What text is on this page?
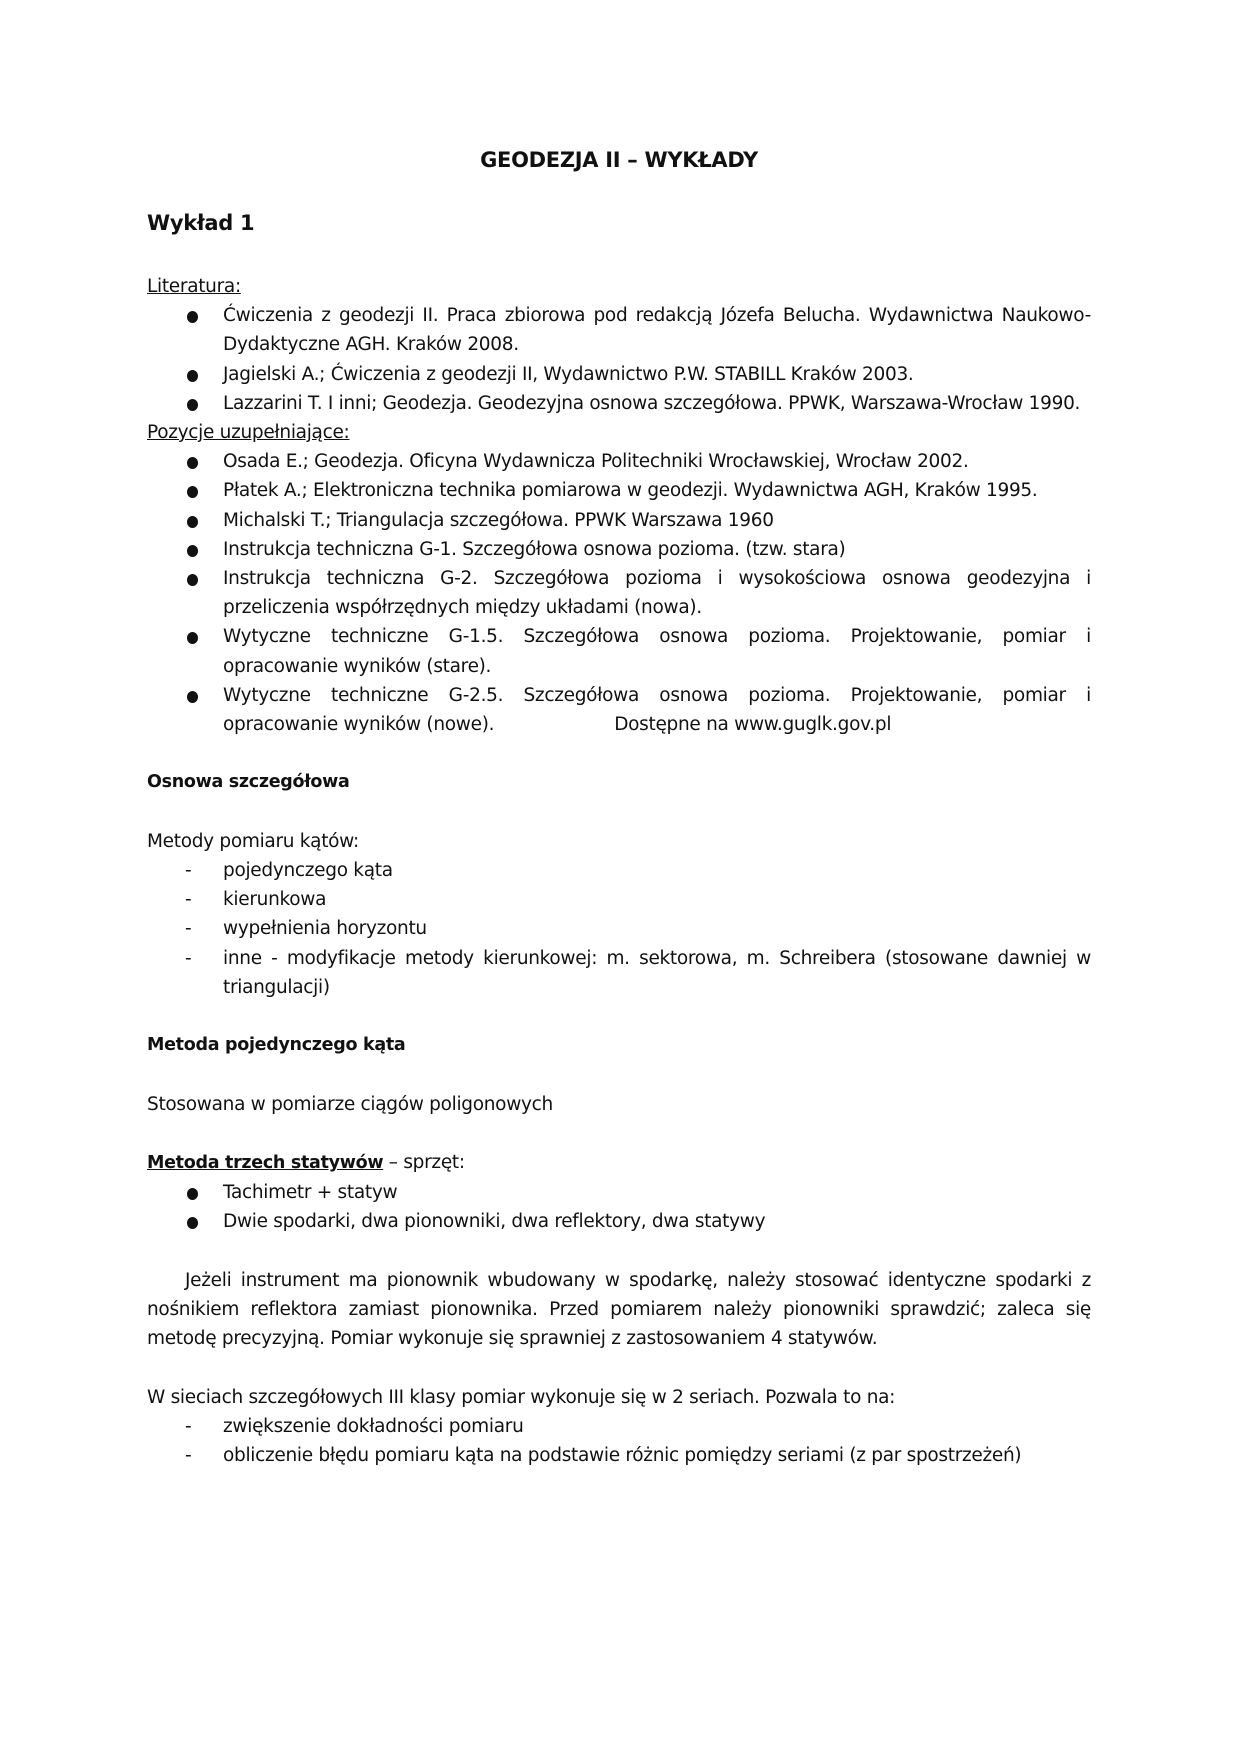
GEODEZJA II – WYKŁADY
Wykład 1
Literatura:
Ćwiczenia z geodezji II. Praca zbiorowa pod redakcją Józefa Belucha. Wydawnictwa Naukowo-Dydaktyczne AGH. Kraków 2008.
Jagielski A.; Ćwiczenia z geodezji II, Wydawnictwo P.W. STABILL Kraków 2003.
Lazzarini T. I inni; Geodezja. Geodezyjna osnowa szczegółowa. PPWK, Warszawa-Wrocław 1990.
Pozycje uzupełniające:
Osada E.; Geodezja. Oficyna Wydawnicza Politechniki Wrocławskiej, Wrocław 2002.
Płatek A.; Elektroniczna technika pomiarowa w geodezji. Wydawnictwa AGH, Kraków 1995.
Michalski T.; Triangulacja szczegółowa. PPWK Warszawa 1960
Instrukcja techniczna G-1. Szczegółowa osnowa pozioma. (tzw. stara)
Instrukcja techniczna G-2. Szczegółowa pozioma i wysokościowa osnowa geodezyjna i przeliczenia współrzędnych między układami (nowa).
Wytyczne techniczne G-1.5. Szczegółowa osnowa pozioma. Projektowanie, pomiar i opracowanie wyników (stare).
Wytyczne techniczne G-2.5. Szczegółowa osnowa pozioma. Projektowanie, pomiar i opracowanie wyników (nowe).	Dostępne na www.guglk.gov.pl
Osnowa szczegółowa

Metody pomiaru kątów:

- pojedynczego kąta
- kierunkowa
- wypełnienia horyzontu
- inne - modyfikacje metody kierunkowej: m. sektorowa, m. Schreibera (stosowane dawniej w triangulacji)
Metoda pojedynczego kąta

Stosowana w pomiarze ciągów poligonowych

Metoda trzech statywów – sprzęt:
Tachimetr + statyw
Dwie spodarki, dwa pionowniki, dwa reflektory, dwa statywy

Jeżeli instrument ma pionownik wbudowany w spodarkę, należy stosować identyczne spodarki z nośnikiem reflektora zamiast pionownika. Przed pomiarem należy pionowniki sprawdzić; zaleca się metodę precyzyjną. Pomiar wykonuje się sprawniej z zastosowaniem 4 statywów.

W sieciach szczegółowych III klasy pomiar wykonuje się w 2 seriach. Pozwala to na:

- zwiększenie dokładności pomiaru
- obliczenie błędu pomiaru kąta na podstawie różnic pomiędzy seriami (z par spostrzeżeń)
